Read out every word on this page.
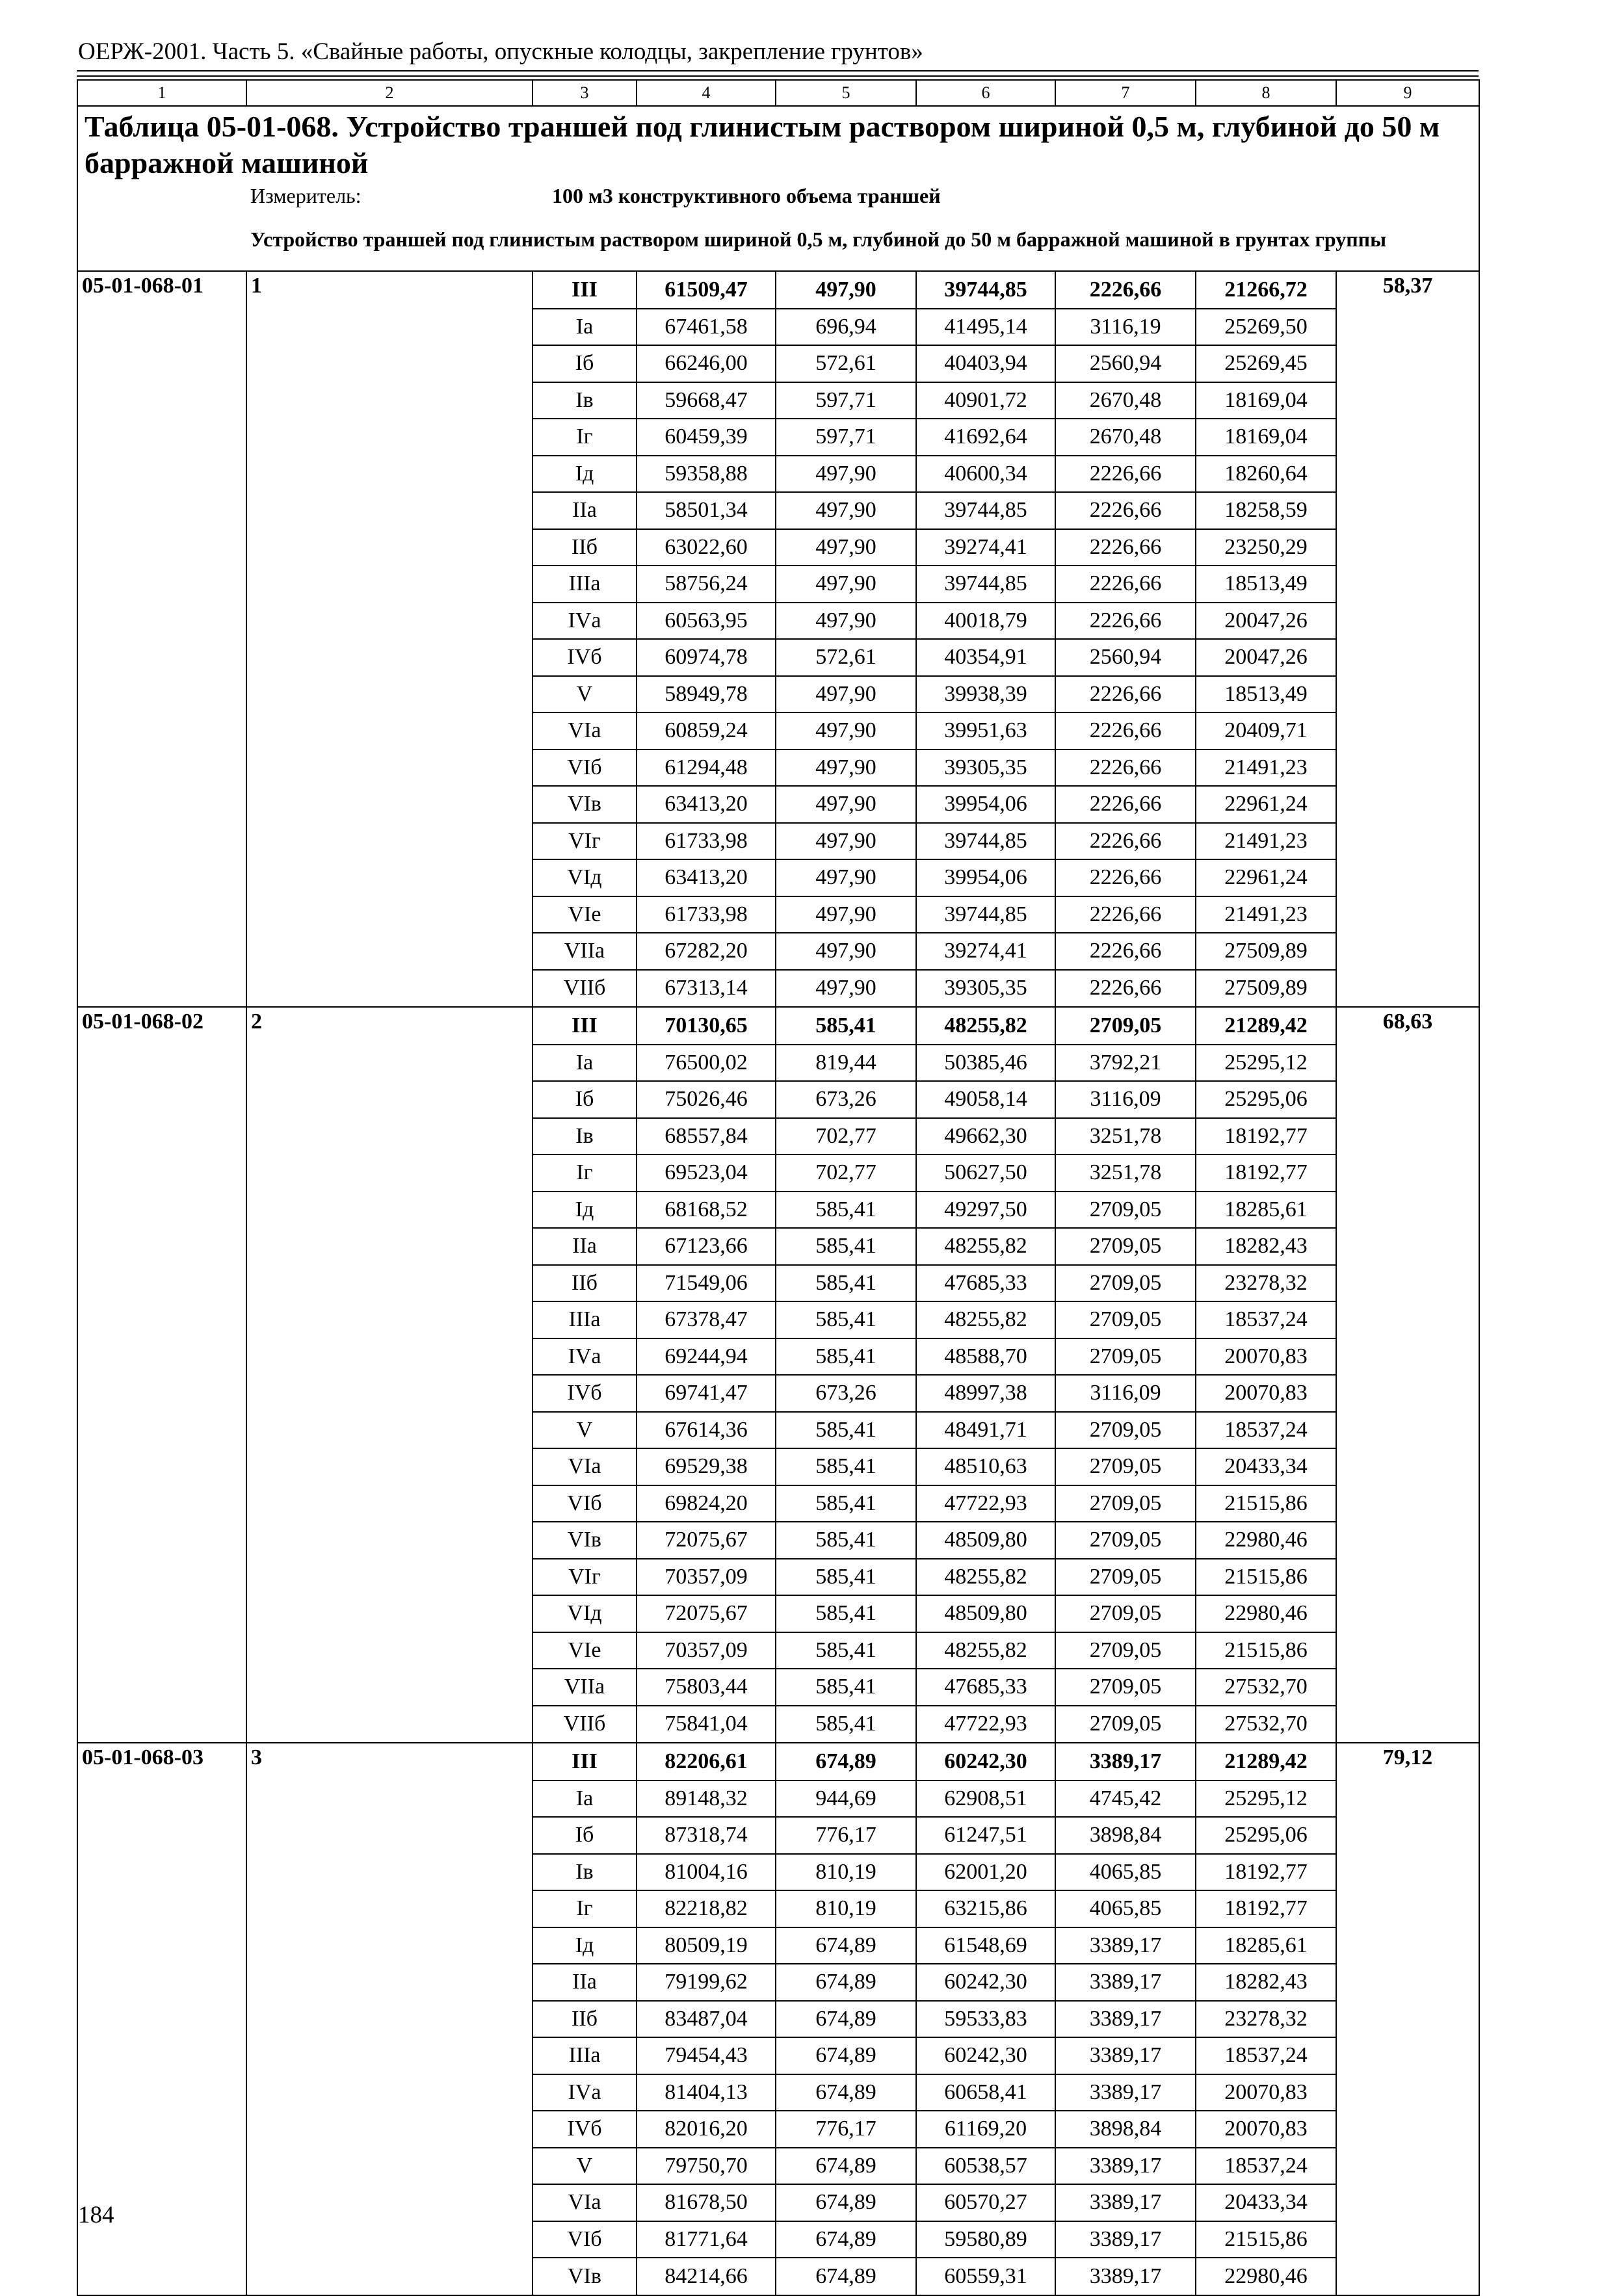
ОЕРЖ-2001. Часть 5. «Свайные работы, опускные колодцы, закрепление грунтов»
1	2	3	4	5	6	7	8	9
Таблица 05-01-068. Устройство траншей под глинистым раствором шириной 0,5 м, глубиной до 50 м барражной машиной								
	Измеритель:	100 м3 конструктивного объема траншей						
	Устройство траншей под глинистым раствором шириной 0,5 м, глубиной до 50 м барражной машиной в грунтах группы							
05-01-068-01	1	III	61509,47	497,90	39744,85	2226,66	21266,72	58,37
		Iа	67461,58	696,94	41495,14	3116,19	25269,50	
		Iб	66246,00	572,61	40403,94	2560,94	25269,45	
		Iв	59668,47	597,71	40901,72	2670,48	18169,04	
		Iг	60459,39	597,71	41692,64	2670,48	18169,04	
		Iд	59358,88	497,90	40600,34	2226,66	18260,64	
		IIа	58501,34	497,90	39744,85	2226,66	18258,59	
		IIб	63022,60	497,90	39274,41	2226,66	23250,29	
		IIIа	58756,24	497,90	39744,85	2226,66	18513,49	
		IVа	60563,95	497,90	40018,79	2226,66	20047,26	
		IVб	60974,78	572,61	40354,91	2560,94	20047,26	
		V	58949,78	497,90	39938,39	2226,66	18513,49	
		VIа	60859,24	497,90	39951,63	2226,66	20409,71	
		VIб	61294,48	497,90	39305,35	2226,66	21491,23	
		VIв	63413,20	497,90	39954,06	2226,66	22961,24	
		VIг	61733,98	497,90	39744,85	2226,66	21491,23	
		VIд	63413,20	497,90	39954,06	2226,66	22961,24	
		VIе	61733,98	497,90	39744,85	2226,66	21491,23	
		VIIа	67282,20	497,90	39274,41	2226,66	27509,89	
		VIIб	67313,14	497,90	39305,35	2226,66	27509,89	
05-01-068-02	2	III	70130,65	585,41	48255,82	2709,05	21289,42	68,63
		Iа	76500,02	819,44	50385,46	3792,21	25295,12	
		Iб	75026,46	673,26	49058,14	3116,09	25295,06	
		Iв	68557,84	702,77	49662,30	3251,78	18192,77	
		Iг	69523,04	702,77	50627,50	3251,78	18192,77	
		Iд	68168,52	585,41	49297,50	2709,05	18285,61	
		IIа	67123,66	585,41	48255,82	2709,05	18282,43	
		IIб	71549,06	585,41	47685,33	2709,05	23278,32	
		IIIа	67378,47	585,41	48255,82	2709,05	18537,24	
		IVа	69244,94	585,41	48588,70	2709,05	20070,83	
		IVб	69741,47	673,26	48997,38	3116,09	20070,83	
		V	67614,36	585,41	48491,71	2709,05	18537,24	
		VIа	69529,38	585,41	48510,63	2709,05	20433,34	
		VIб	69824,20	585,41	47722,93	2709,05	21515,86	
		VIв	72075,67	585,41	48509,80	2709,05	22980,46	
		VIг	70357,09	585,41	48255,82	2709,05	21515,86	
		VIд	72075,67	585,41	48509,80	2709,05	22980,46	
		VIе	70357,09	585,41	48255,82	2709,05	21515,86	
		VIIа	75803,44	585,41	47685,33	2709,05	27532,70	
		VIIб	75841,04	585,41	47722,93	2709,05	27532,70	
05-01-068-03	3	III	82206,61	674,89	60242,30	3389,17	21289,42	79,12
		Iа	89148,32	944,69	62908,51	4745,42	25295,12	
		Iб	87318,74	776,17	61247,51	3898,84	25295,06	
		Iв	81004,16	810,19	62001,20	4065,85	18192,77	
		Iг	82218,82	810,19	63215,86	4065,85	18192,77	
		Iд	80509,19	674,89	61548,69	3389,17	18285,61	
		IIа	79199,62	674,89	60242,30	3389,17	18282,43	
		IIб	83487,04	674,89	59533,83	3389,17	23278,32	
		IIIа	79454,43	674,89	60242,30	3389,17	18537,24	
		IVа	81404,13	674,89	60658,41	3389,17	20070,83	
		IVб	82016,20	776,17	61169,20	3898,84	20070,83	
		V	79750,70	674,89	60538,57	3389,17	18537,24	
		VIа	81678,50	674,89	60570,27	3389,17	20433,34	
		VIб	81771,64	674,89	59580,89	3389,17	21515,86	
		VIв	84214,66	674,89	60559,31	3389,17	22980,46	
184
